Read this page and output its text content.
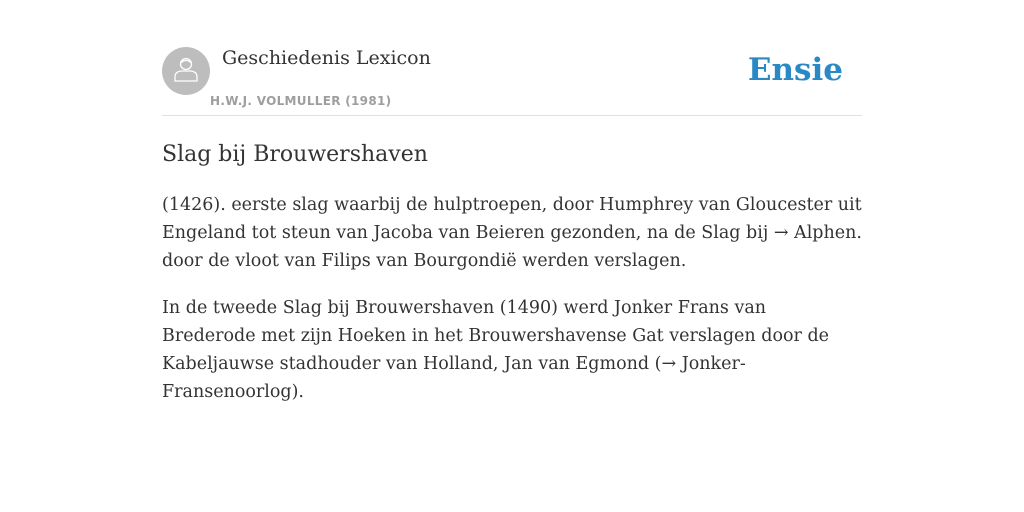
Geschiedenis Lexicon
H.W.J. VOLMULLER (1981)
Ensie
Slag bij Brouwershaven

(1426). eerste slag waarbij de hulptroepen, door Humphrey van Gloucester uit Engeland tot steun van Jacoba van Beieren gezonden, na de Slag bij → Alphen. door de vloot van Filips van Bourgondië werden verslagen.

In de tweede Slag bij Brouwershaven (1490) werd Jonker Frans van Brederode met zijn Hoeken in het Brouwershavense Gat verslagen door de Kabeljauwse stadhouder van Holland, Jan van Egmond (→ Jonker-Fransenoorlog).
